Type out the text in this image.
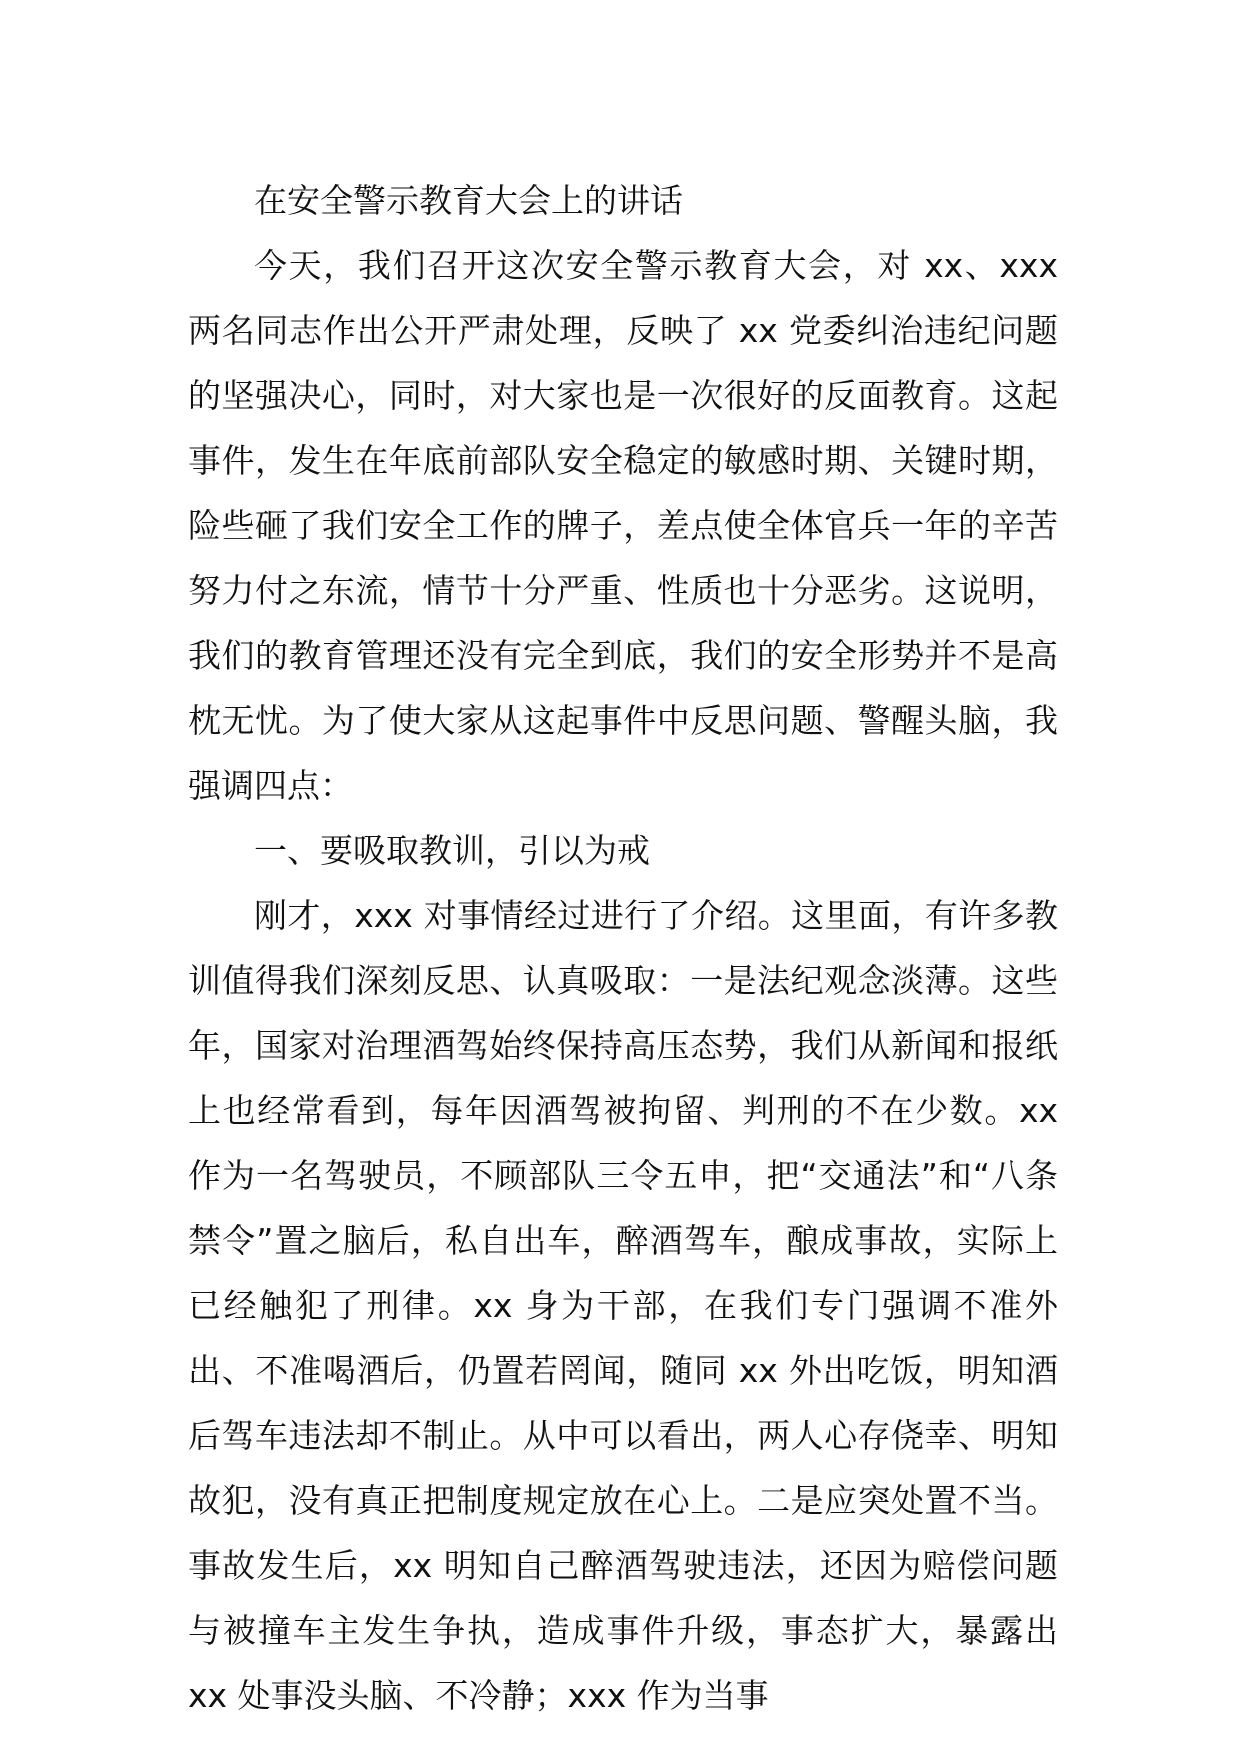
在安全警示教育大会上的讲话

今天，我们召开这次安全警示教育大会，对 xx、xxx 两名同志作出公开严肃处理，反映了 xx 党委纠治违纪问题的坚强决心，同时，对大家也是一次很好的反面教育。这起事件，发生在年底前部队安全稳定的敏感时期、关键时期，险些砸了我们安全工作的牌子，差点使全体官兵一年的辛苦努力付之东流，情节十分严重、性质也十分恶劣。这说明，我们的教育管理还没有完全到底，我们的安全形势并不是高枕无忧。为了使大家从这起事件中反思问题、警醒头脑，我强调四点：

一、要吸取教训，引以为戒

刚才，xxx 对事情经过进行了介绍。这里面，有许多教训值得我们深刻反思、认真吸取：一是法纪观念淡薄。这些年，国家对治理酒驾始终保持高压态势，我们从新闻和报纸上也经常看到，每年因酒驾被拘留、判刑的不在少数。xx 作为一名驾驶员，不顾部队三令五申，把“交通法”和“八条禁令”置之脑后，私自出车，醉酒驾车，酿成事故，实际上已经触犯了刑律。xx 身为干部，在我们专门强调不准外出、不准喝酒后，仍置若罔闻，随同 xx 外出吃饭，明知酒后驾车违法却不制止。从中可以看出，两人心存侥幸、明知故犯，没有真正把制度规定放在心上。二是应突处置不当。事故发生后，xx 明知自己醉酒驾驶违法，还因为赔偿问题与被撞车主发生争执，造成事件升级，事态扩大，暴露出 xx 处事没头脑、不冷静；xxx 作为当事
